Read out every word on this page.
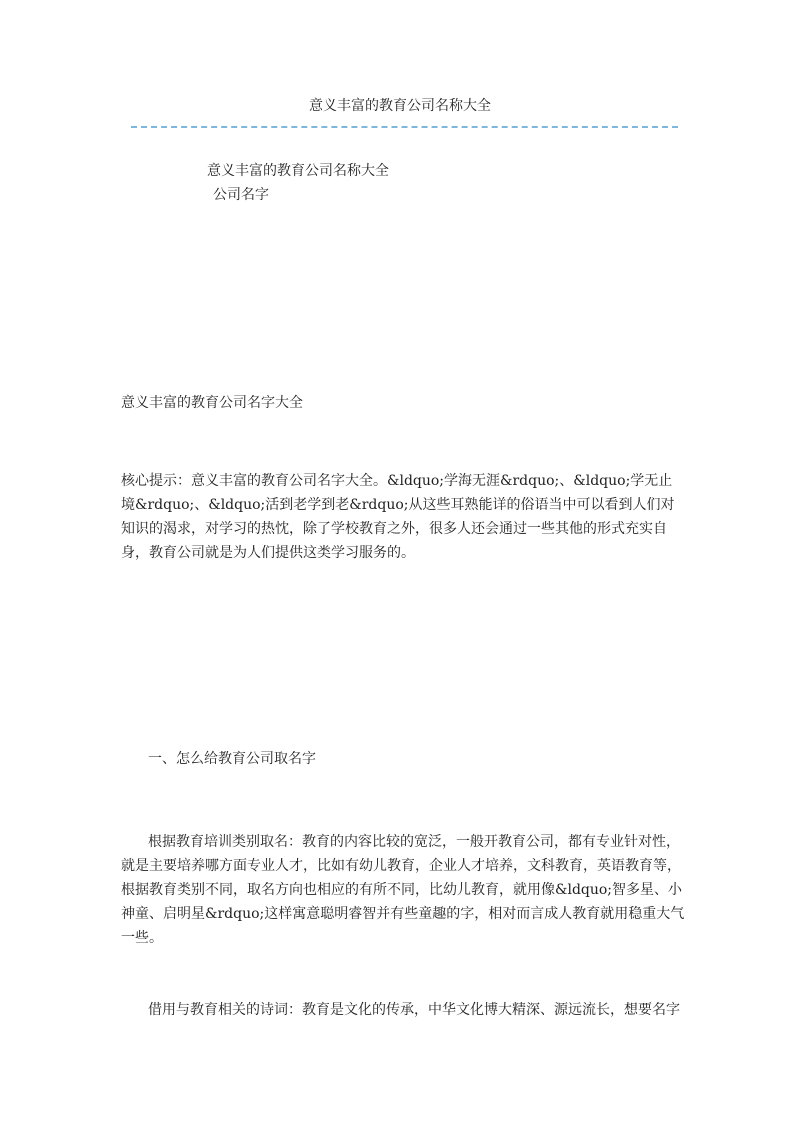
意义丰富的教育公司名称大全

意义丰富的教育公司名称大全

公司名字

意义丰富的教育公司名字大全

核心提示：意义丰富的教育公司名字大全。&ldquo;学海无涯&rdquo;、&ldquo;学无止境&rdquo;、&ldquo;活到老学到老&rdquo;从这些耳熟能详的俗语当中可以看到人们对知识的渴求，对学习的热忱，除了学校教育之外，很多人还会通过一些其他的形式充实自身，教育公司就是为人们提供这类学习服务的。

一、怎么给教育公司取名字

根据教育培训类别取名：教育的内容比较的宽泛，一般开教育公司，都有专业针对性，就是主要培养哪方面专业人才，比如有幼儿教育，企业人才培养，文科教育，英语教育等，根据教育类别不同，取名方向也相应的有所不同，比幼儿教育，就用像&ldquo;智多星、小神童、启明星&rdquo;这样寓意聪明睿智并有些童趣的字，相对而言成人教育就用稳重大气一些。

借用与教育相关的诗词：教育是文化的传承，中华文化博大精深、源远流长，想要名字
